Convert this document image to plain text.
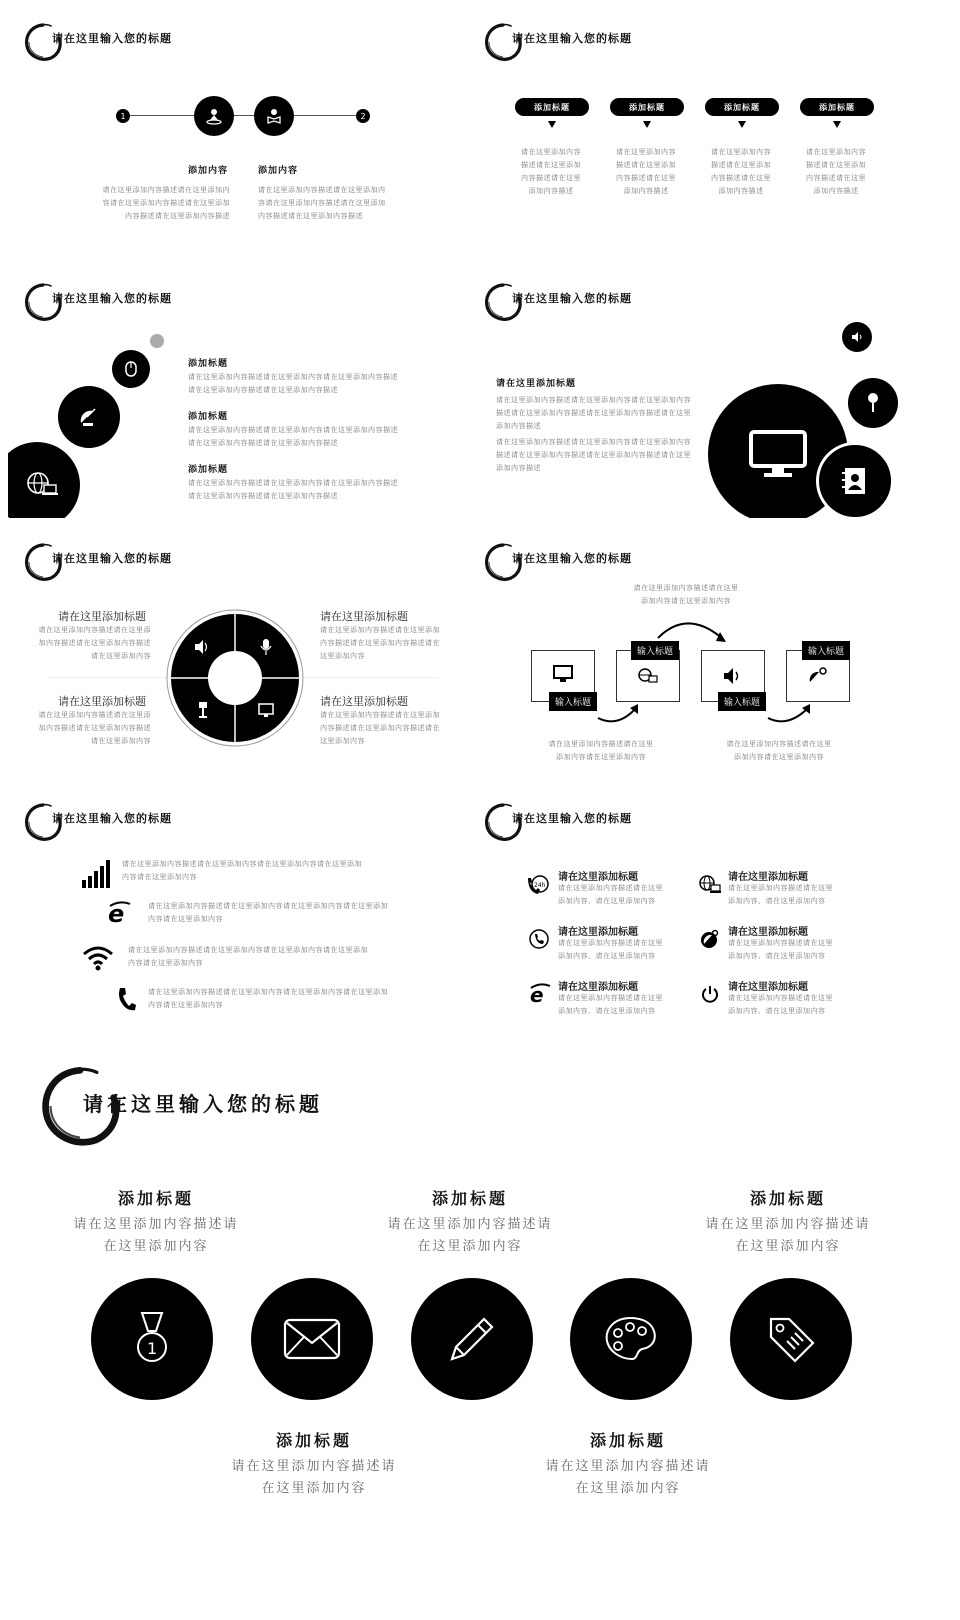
请在这里输入您的标题
1	2
添加内容	添加内容
请在这里添加内容描述请在这里添加内容请在这里添加内容描述请在这里添加内容描述请在这里添加内容描述
请在这里添加内容描述请在这里添加内容请在这里添加内容描述请在这里添加内容描述请在这里添加内容描述
请在这里输入您的标题
添加标题	添加标题	添加标题	添加标题
请在这里添加内容描述请在这里添加内容描述请在这里添加内容描述
请在这里添加内容描述请在这里添加内容描述请在这里添加内容描述
请在这里添加内容描述请在这里添加内容描述请在这里添加内容描述
请在这里添加内容描述请在这里添加内容描述请在这里添加内容描述
请在这里输入您的标题
添加标题
请在这里添加内容描述请在这里添加内容请在这里添加内容描述请在这里添加内容描述请在这里添加内容描述
添加标题
请在这里添加内容描述请在这里添加内容请在这里添加内容描述请在这里添加内容描述请在这里添加内容描述
添加标题
请在这里添加内容描述请在这里添加内容请在这里添加内容描述请在这里添加内容描述请在这里添加内容描述
请在这里输入您的标题
请在这里添加标题
请在这里添加内容描述请在这里添加内容请在这里添加内容描述请在这里添加内容描述请在这里添加内容描述请在这里添加内容描述
请在这里添加内容描述请在这里添加内容请在这里添加内容描述请在这里添加内容描述请在这里添加内容描述请在这里添加内容描述
请在这里输入您的标题
请在这里添加标题
请在这里添加内容描述请在这里添加内容描述请在这里添加内容描述请在这里添加内容
请在这里添加标题
请在这里添加内容描述请在这里添加内容描述请在这里添加内容描述请在这里添加内容
请在这里添加标题
请在这里添加内容描述请在这里添加内容描述请在这里添加内容描述请在这里添加内容
请在这里添加标题
请在这里添加内容描述请在这里添加内容描述请在这里添加内容描述请在这里添加内容
请在这里输入您的标题
请在这里添加内容描述请在这里添加内容请在这里添加内容
输入标题
输入标题	输入标题
输入标题
请在这里添加内容描述请在这里添加内容请在这里添加内容
请在这里添加内容描述请在这里添加内容请在这里添加内容
请在这里输入您的标题
请在这里添加内容描述请在这里添加内容请在这里添加内容请在这里添加内容请在这里添加内容
e	请在这里添加内容描述请在这里添加内容请在这里添加内容请在这里添加内容请在这里添加内容
请在这里添加内容描述请在这里添加内容请在这里添加内容请在这里添加内容请在这里添加内容
请在这里添加内容描述请在这里添加内容请在这里添加内容请在这里添加内容请在这里添加内容
请在这里输入您的标题
24h
请在这里添加标题
请在这里添加内容描述请在这里添加内容、请在这里添加内容
请在这里添加标题
请在这里添加内容描述请在这里添加内容、请在这里添加内容
请在这里添加标题
请在这里添加内容描述请在这里添加内容、请在这里添加内容
请在这里添加标题
请在这里添加内容描述请在这里添加内容、请在这里添加内容
e 请在这里添加标题
请在这里添加内容描述请在这里添加内容、请在这里添加内容
请在这里添加标题
请在这里添加内容描述请在这里添加内容、请在这里添加内容
请在这里输入您的标题
添加标题
请在这里添加内容描述请
在这里添加内容
添加标题
请在这里添加内容描述请
在这里添加内容
添加标题
请在这里添加内容描述请
在这里添加内容
1
添加标题
请在这里添加内容描述请
在这里添加内容
添加标题
请在这里添加内容描述请
在这里添加内容
